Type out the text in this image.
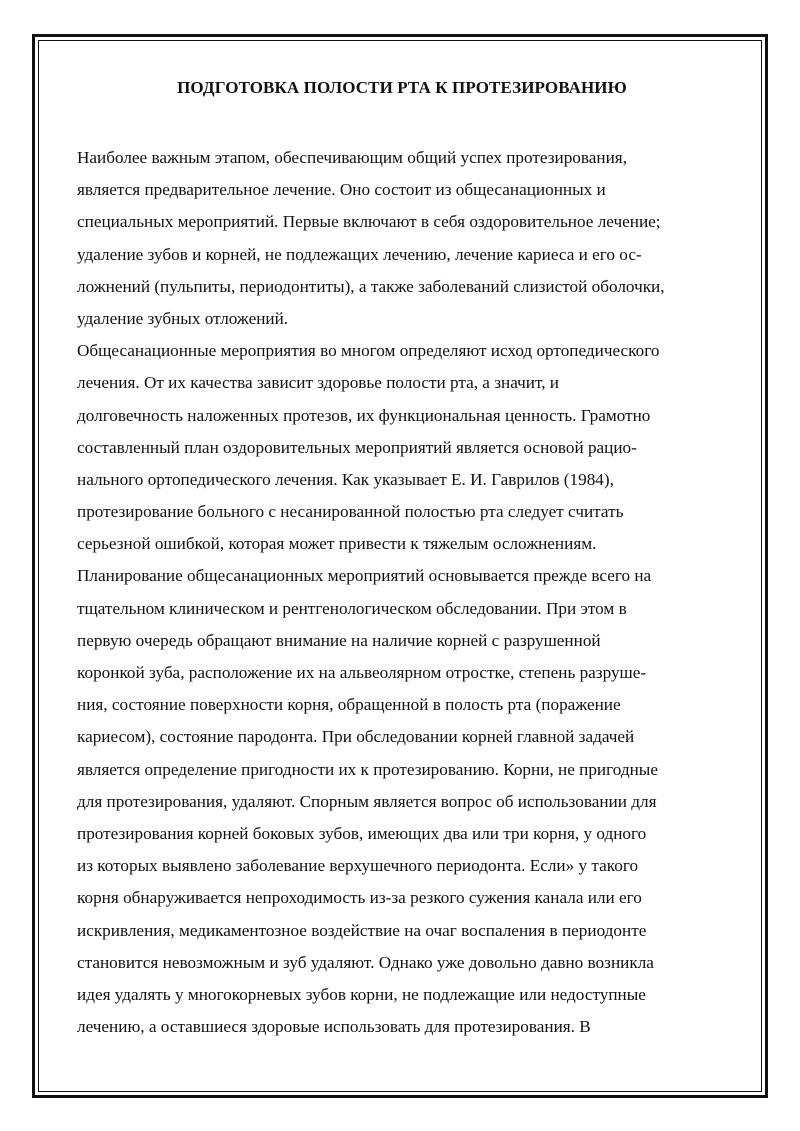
ПОДГОТОВКА ПОЛОСТИ РТА К ПРОТЕЗИРОВАНИЮ
Наиболее важным этапом, обеспечивающим общий успех протезирования,
является предварительное лечение. Оно состоит из общесанационных и
специальных мероприятий. Первые включают в себя оздоровительное лечение;
удаление зубов и корней, не подлежащих лечению, лечение кариеса и его ос-
ложнений (пульпиты, периодонтиты), а также заболеваний слизистой оболочки,
удаление зубных отложений.
Общесанационные мероприятия во многом определяют исход ортопедического
лечения. От их качества зависит здоровье полости рта, а значит, и
долговечность наложенных протезов, их функциональная ценность. Грамотно
составленный план оздоровительных мероприятий является основой рацио-
нального ортопедического лечения. Как указывает Е. И. Гаврилов (1984),
протезирование больного с несанированной полостью рта следует считать
серьезной ошибкой, которая может привести к тяжелым осложнениям.
Планирование общесанационных мероприятий основывается прежде всего на
тщательном клиническом и рентгенологическом обследовании. При этом в
первую очередь обращают внимание на наличие корней с разрушенной
коронкой зуба, расположение их на альвеолярном отростке, степень разруше-
ния, состояние поверхности корня, обращенной в полость рта (поражение
кариесом), состояние пародонта. При обследовании корней главной задачей
является определение пригодности их к протезированию. Корни, не пригодные
для протезирования, удаляют. Спорным является вопрос об использовании для
протезирования корней боковых зубов, имеющих два или три корня, у одного
из которых выявлено заболевание верхушечного периодонта. Если» у такого
корня обнаруживается непроходимость из-за резкого сужения канала или его
искривления, медикаментозное воздействие на очаг воспаления в периодонте
становится невозможным и зуб удаляют. Однако уже довольно давно возникла
идея удалять у многокорневых зубов корни, не подлежащие или недоступные
лечению, а оставшиеся здоровые использовать для протезирования. В
